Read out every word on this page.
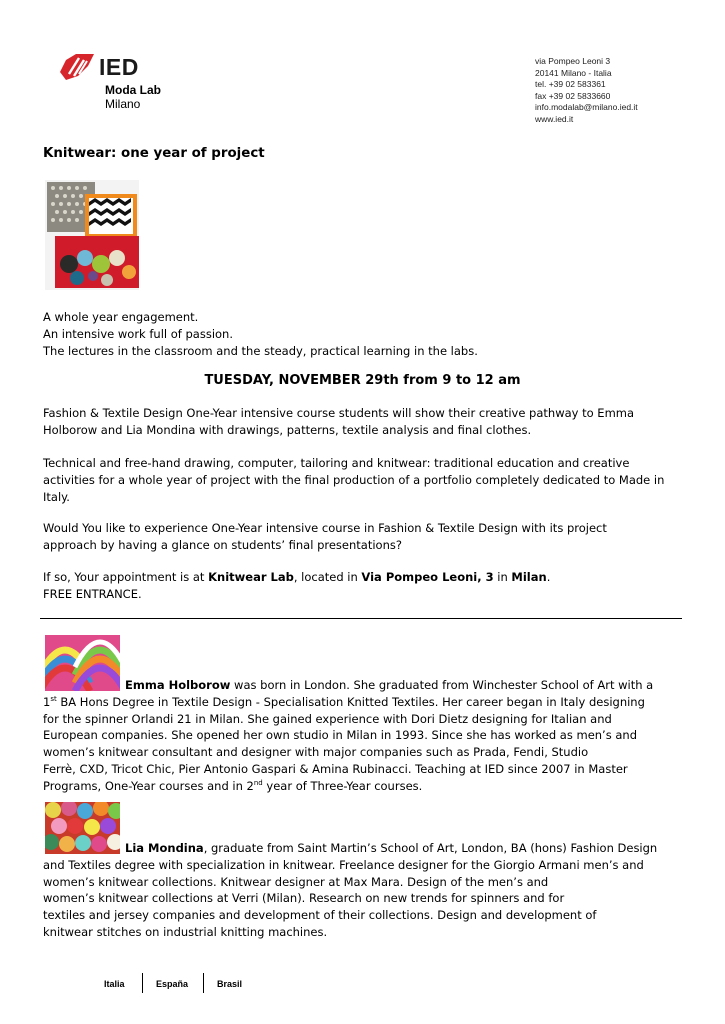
IED
Moda Lab
Milano
via Pompeo Leoni 3
20141 Milano - Italia
tel. +39 02 583361
fax +39 02 5833660
info.modalab@milano.ied.it
www.ied.it
Knitwear: one year of project
A whole year engagement.
An intensive work full of passion.
The lectures in the classroom and the steady, practical learning in the labs.
TUESDAY, NOVEMBER 29th from 9 to 12 am
Fashion & Textile Design One-Year intensive course students will show their creative pathway to Emma
Holborow and Lia Mondina with drawings, patterns, textile analysis and final clothes.
Technical and free-hand drawing, computer, tailoring and knitwear: traditional education and creative
activities for a whole year of project with the final production of a portfolio completely dedicated to Made in
Italy.
Would You like to experience One-Year intensive course in Fashion & Textile Design with its project
approach by having a glance on students’ final presentations?
If so, Your appointment is at Knitwear Lab, located in Via Pompeo Leoni, 3 in Milan.
FREE ENTRANCE.
Emma Holborow was born in London. She graduated from Winchester School of Art with a
1st BA Hons Degree in Textile Design - Specialisation Knitted Textiles. Her career began in Italy designing
for the spinner Orlandi 21 in Milan. She gained experience with Dori Dietz designing for Italian and
European companies. She opened her own studio in Milan in 1993. Since she has worked as men’s and
women’s knitwear consultant and designer with major companies such as Prada, Fendi, Studio
Ferrè, CXD, Tricot Chic, Pier Antonio Gaspari & Amina Rubinacci. Teaching at IED since 2007 in Master
Programs, One-Year courses and in 2nd year of Three-Year courses.
Lia Mondina, graduate from Saint Martin’s School of Art, London, BA (hons) Fashion Design
and Textiles degree with specialization in knitwear. Freelance designer for the Giorgio Armani men’s and
women’s knitwear collections. Knitwear designer at Max Mara. Design of the men’s and
women’s knitwear collections at Verri (Milan). Research on new trends for spinners and for
textiles and jersey companies and development of their collections. Design and development of
knitwear stitches on industrial knitting machines.
Italia	España	Brasil
